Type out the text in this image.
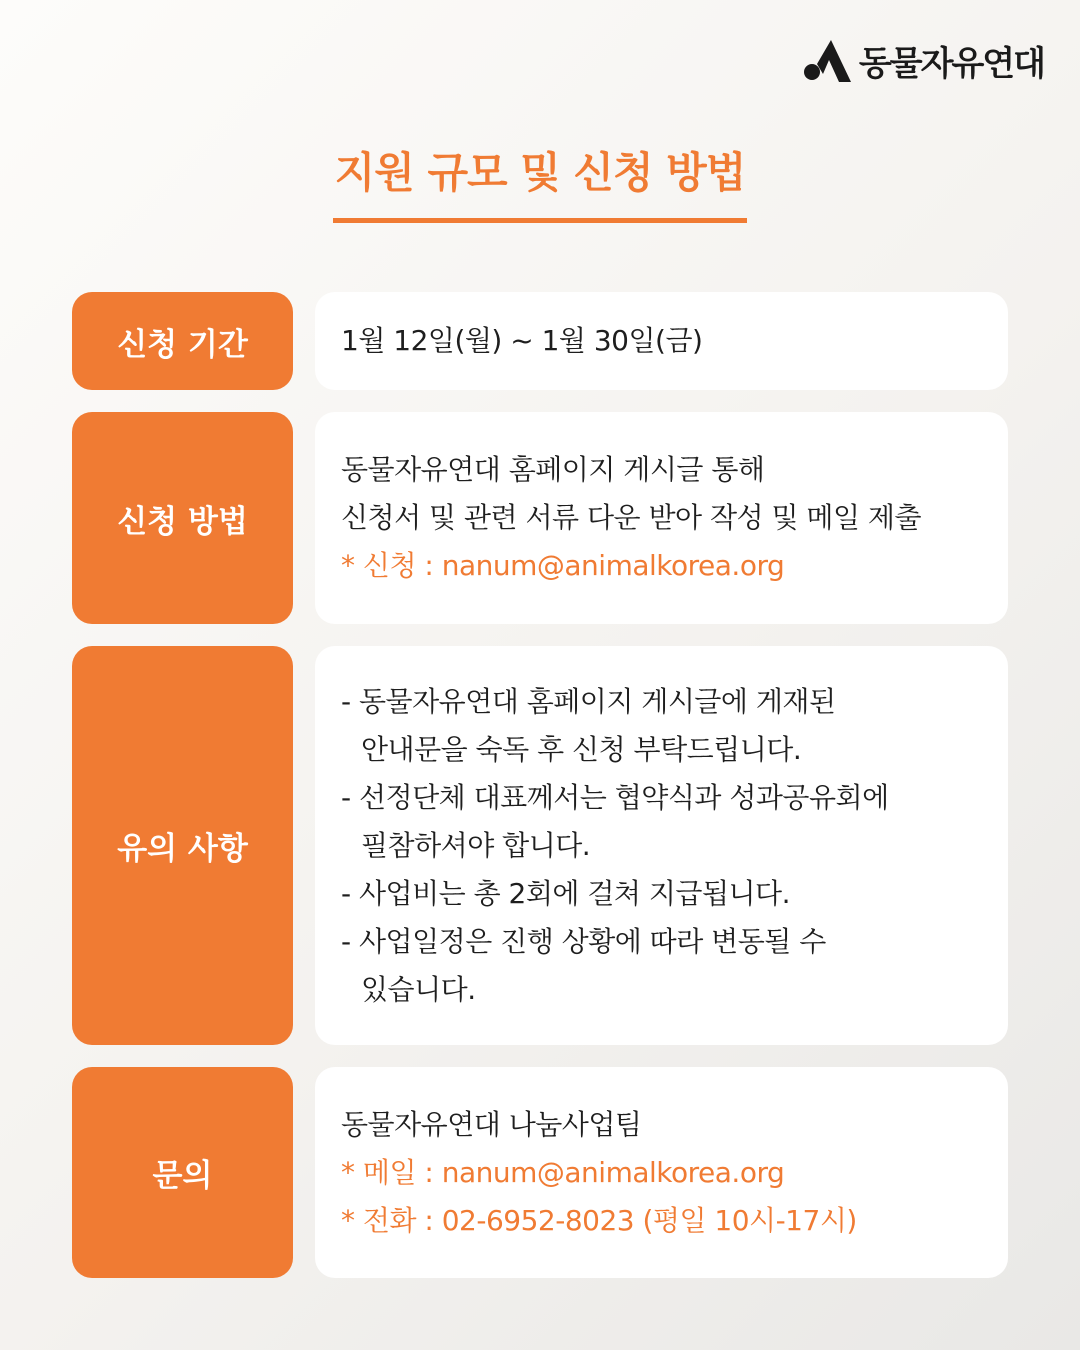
동물자유연대
지원 규모 및 신청 방법
신청 기간	1월 12일(월) ~ 1월 30일(금)
신청 방법
동물자유연대 홈페이지 게시글 통해
신청서 및 관련 서류 다운 받아 작성 및 메일 제출
* 신청 : nanum@animalkorea.org
유의 사항
- 동물자유연대 홈페이지 게시글에 게재된
안내문을 숙독 후 신청 부탁드립니다.
- 선정단체 대표께서는 협약식과 성과공유회에
필참하셔야 합니다.
- 사업비는 총 2회에 걸쳐 지급됩니다.
- 사업일정은 진행 상황에 따라 변동될 수
있습니다.
문의
동물자유연대 나눔사업팀
* 메일 : nanum@animalkorea.org
* 전화 : 02-6952-8023 (평일 10시-17시)
